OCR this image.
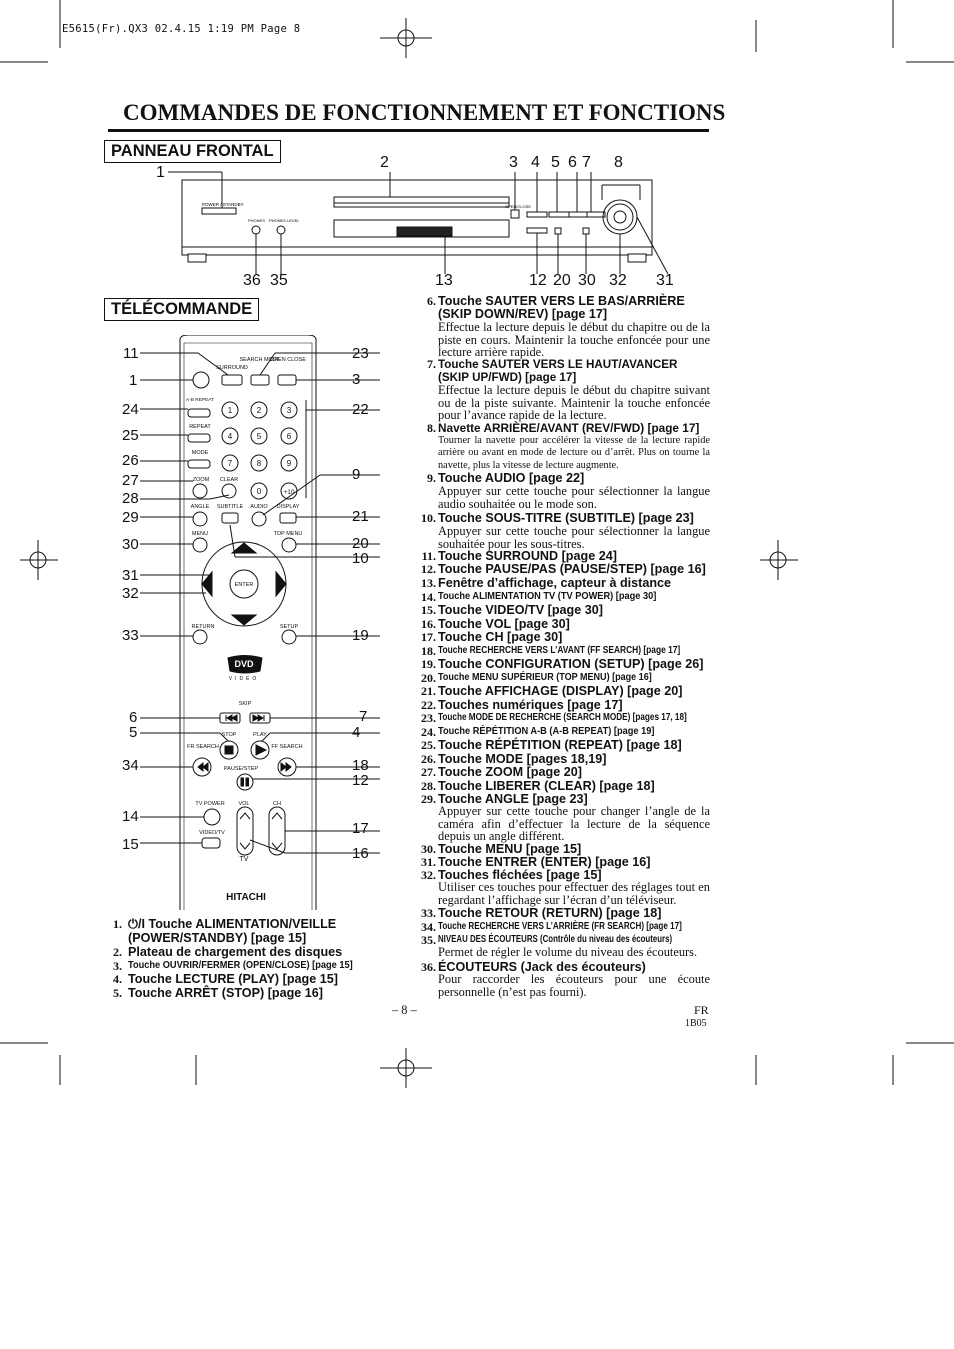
E5615(Fr).QX3 02.4.15 1:19 PM Page 8
COMMANDES DE FONCTIONNEMENT ET FONCTIONS
PANNEAU FRONTAL
TÉLÉCOMMANDE
POWER / STANDBY	OPEN/CLOSE
PHONES PHONES LEVEL
1
2	3 4 5 6 7 8
36 35	13	12 20 30 32 31
SURROUND
SEARCH MODE
OPEN CLOSE
A-B REPEAT
REPEAT
MODE
ZOOM CLEAR
ANGLE SUBTITLE AUDIO DISPLAY
MENU	TOP MENU
ENTER
RETURN	SETUP
SKIP
STOP	PLAY
FR SEARCH	FF SEARCH
PAUSE/STEP
TV POWER	VOL	CH
VIDEO/TV
TV
DVD
VIDEO
HITACHI
1	2	3
4	5	6
7	8	9
0	+10
11
1
24
25
26
27
28
29
30
31
32
33
6
5
34
14
15
23
3
22
9
21
20
10
19
7
4
18
12
17
16
1. ⏻/I Touche ALIMENTATION/VEILLE
(POWER/STANDBY) [page 15]
2. Plateau de chargement des disques
3. Touche OUVRIR/FERMER (OPEN/CLOSE) [page 15]
4. Touche LECTURE (PLAY) [page 15]
5. Touche ARRÊT (STOP) [page 16]
6. Touche SAUTER VERS LE BAS/ARRIÈRE
(SKIP DOWN/REV) [page 17]
Effectue la lecture depuis le début du chapitre ou de la piste en cours. Maintenir la touche enfoncée pour une lecture arrière rapide.
7. Touche SAUTER VERS LE HAUT/AVANCER
(SKIP UP/FWD) [page 17]
Effectue la lecture depuis le début du chapitre suivant ou de la piste suivante. Maintenir la touche enfoncée pour l’avance rapide de la lecture.
8. Navette ARRIÈRE/AVANT (REV/FWD) [page 17]
Tourner la navette pour accélérer la vitesse de la lecture rapide arrière ou avant en mode de lecture ou d’arrêt. Plus on tourne la navette, plus la vitesse de lecture augmente.
9. Touche AUDIO [page 22]
Appuyer sur cette touche pour sélectionner la langue audio souhaitée ou le mode son.
10. Touche SOUS-TITRE (SUBTITLE) [page 23]
Appuyer sur cette touche pour sélectionner la langue souhaitée pour les sous-titres.
11. Touche SURROUND [page 24]
12. Touche PAUSE/PAS (PAUSE/STEP) [page 16]
13. Fenêtre d’affichage, capteur à distance
14. Touche ALIMENTATION TV (TV POWER) [page 30]
15. Touche VIDEO/TV [page 30]
16. Touche VOL [page 30]
17. Touche CH [page 30]
18. Touche RECHERCHE VERS L’AVANT (FF SEARCH) [page 17]
19. Touche CONFIGURATION (SETUP) [page 26]
20. Touche MENU SUPÉRIEUR (TOP MENU) [page 16]
21. Touche AFFICHAGE (DISPLAY) [page 20]
22. Touches numériques [page 17]
23. Touche MODE DE RECHERCHE (SEARCH MODE) [pages 17, 18]
24. Touche RÉPÉTITION A-B (A-B REPEAT) [page 19]
25. Touche RÉPÉTITION (REPEAT) [page 18]
26. Touche MODE [pages 18,19]
27. Touche ZOOM [page 20]
28. Touche LIBERER (CLEAR) [page 18]
29. Touche ANGLE [page 23]
Appuyer sur cette touche pour changer l’angle de la caméra afin d’effectuer la lecture de la séquence depuis un angle différent.
30. Touche MENU [page 15]
31. Touche ENTRER (ENTER) [page 16]
32. Touches fléchées [page 15]
Utiliser ces touches pour effectuer des réglages tout en regardant l’affichage sur l’écran d’un téléviseur.
33. Touche RETOUR (RETURN) [page 18]
34. Touche RECHERCHE VERS L’ARRIÈRE (FR SEARCH) [page 17]
35. NIVEAU DES ÉCOUTEURS (Contrôle du niveau des écouteurs)
Permet de régler le volume du niveau des écouteurs.
36. ÉCOUTEURS (Jack des écouteurs)
Pour raccorder les écouteurs pour une écoute personnelle (n’est pas fourni).
– 8 –	FR
1B05
